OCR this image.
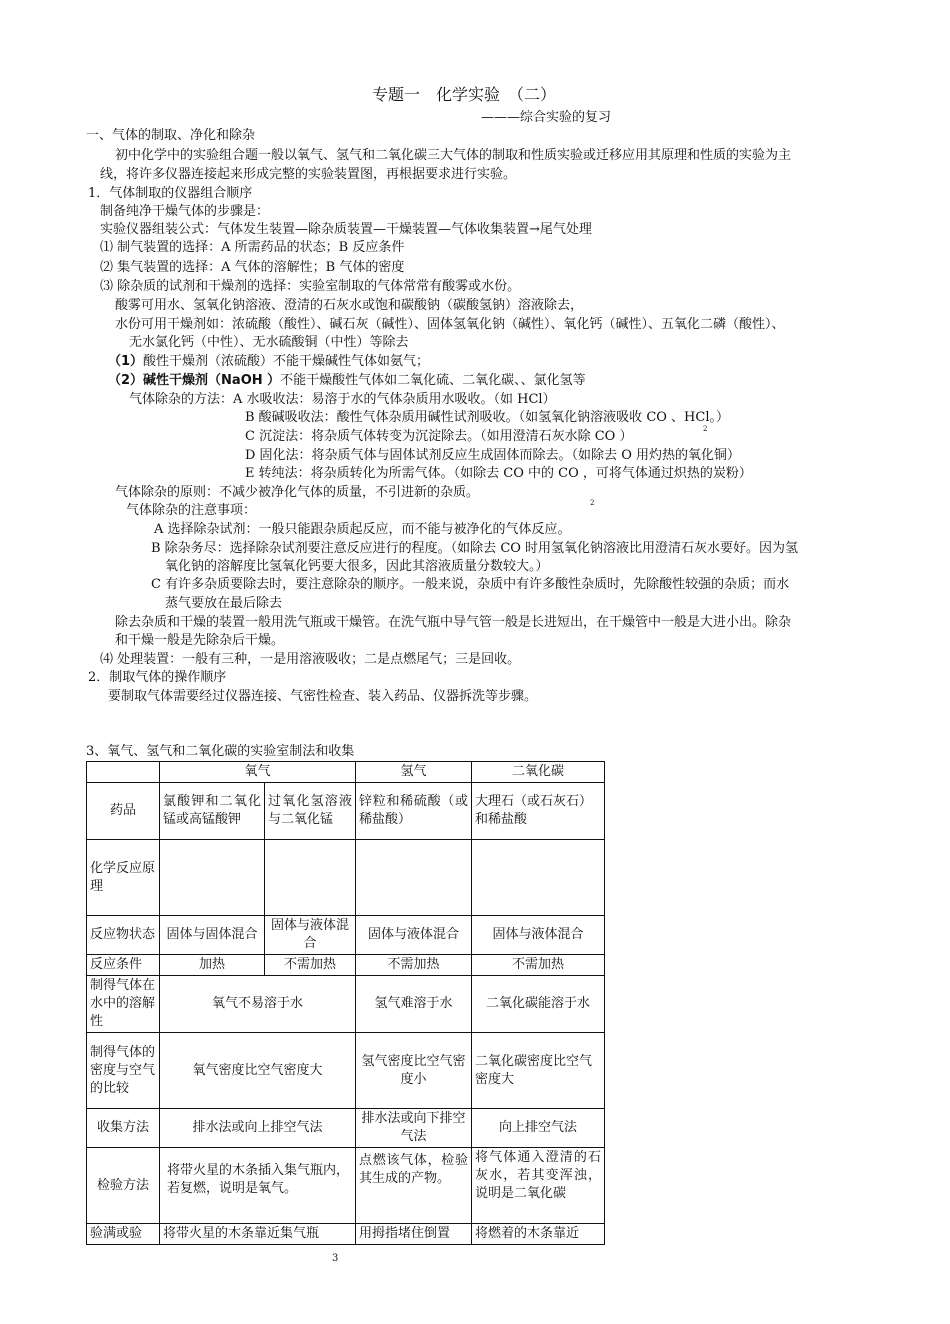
专题一　化学实验　（二）
———综合实验的复习
一、气体的制取、净化和除杂
初中化学中的实验组合题一般以氧气、氢气和二氧化碳三大气体的制取和性质实验或迁移应用其原理和性质的实验为主
线，将许多仪器连接起来形成完整的实验装置图，再根据要求进行实验。
1．气体制取的仪器组合顺序
制备纯净干燥气体的步骤是：
实验仪器组装公式：气体发生装置—除杂质装置—干燥装置—气体收集装置→尾气处理
⑴ 制气装置的选择：A 所需药品的状态；B 反应条件
⑵ 集气装置的选择：A 气体的溶解性；B 气体的密度
⑶ 除杂质的试剂和干燥剂的选择：实验室制取的气体常常有酸雾或水份。
酸雾可用水、氢氧化钠溶液、澄清的石灰水或饱和碳酸钠（碳酸氢钠）溶液除去，
水份可用干燥剂如：浓硫酸（酸性）、碱石灰（碱性）、固体氢氧化钠（碱性）、氧化钙（碱性）、五氧化二磷（酸性）、
无水氯化钙（中性）、无水硫酸铜（中性）等除去
（1）酸性干燥剂（浓硫酸）不能干燥碱性气体如氨气；
（2）碱性干燥剂（NaOH ）不能干燥酸性气体如二氧化硫、二氧化碳、、氯化氢等
气体除杂的方法：A 水吸收法：易溶于水的气体杂质用水吸收。（如 HCl）
B 酸碱吸收法：酸性气体杂质用碱性试剂吸收。（如氢氧化钠溶液吸收 CO 、HCl。）
C 沉淀法：将杂质气体转变为沉淀除去。（如用澄清石灰水除 CO ）
D 固化法：将杂质气体与固体试剂反应生成固体而除去。（如除去 O 用灼热的氧化铜）
E 转纯法：将杂质转化为所需气体。（如除去 CO 中的 CO ，可将气体通过炽热的炭粉）
2
2
气体除杂的原则：不减少被净化气体的质量，不引进新的杂质。
气体除杂的注意事项：
A 选择除杂试剂：一般只能跟杂质起反应，而不能与被净化的气体反应。
B 除杂务尽：选择除杂试剂要注意反应进行的程度。（如除去 CO 时用氢氧化钠溶液比用澄清石灰水要好。因为氢
氧化钠的溶解度比氢氧化钙要大很多，因此其溶液质量分数较大。）
C 有许多杂质要除去时，要注意除杂的顺序。一般来说，杂质中有许多酸性杂质时，先除酸性较强的杂质；而水
蒸气要放在最后除去
除去杂质和干燥的装置一般用洗气瓶或干燥管。在洗气瓶中导气管一般是长进短出，在干燥管中一般是大进小出。除杂
和干燥一般是先除杂后干燥。
⑷ 处理装置：一般有三种，一是用溶液吸收；二是点燃尾气；三是回收。
2．制取气体的操作顺序
要制取气体需要经过仪器连接、气密性检查、装入药品、仪器拆洗等步骤。
3、氧气、氢气和二氧化碳的实验室制法和收集
	氧气		氢气	二氧化碳
药品	氯酸钾和二氧化锰或高锰酸钾	过氧化氢溶液与二氧化锰	锌粒和稀硫酸（或稀盐酸）	大理石（或石灰石）和稀盐酸
化学反应原理				
反应物状态	固体与固体混合	固体与液体混合	固体与液体混合	固体与液体混合
反应条件	加热	不需加热	不需加热	不需加热
制得气体在水中的溶解性	氧气不易溶于水		氢气难溶于水	二氧化碳能溶于水
制得气体的密度与空气的比较	氧气密度比空气密度大		氢气密度比空气密度小	二氧化碳密度比空气密度大
收集方法	排水法或向上排空气法		排水法或向下排空气法	向上排空气法
检验方法	将带火星的木条插入集气瓶内，若复燃，说明是氧气。		点燃该气体，检验其生成的产物。	将气体通入澄清的石灰水，若其变浑浊，说明是二氧化碳
验满或验	将带火星的木条靠近集气瓶		用拇指堵住倒置	将燃着的木条靠近
3
